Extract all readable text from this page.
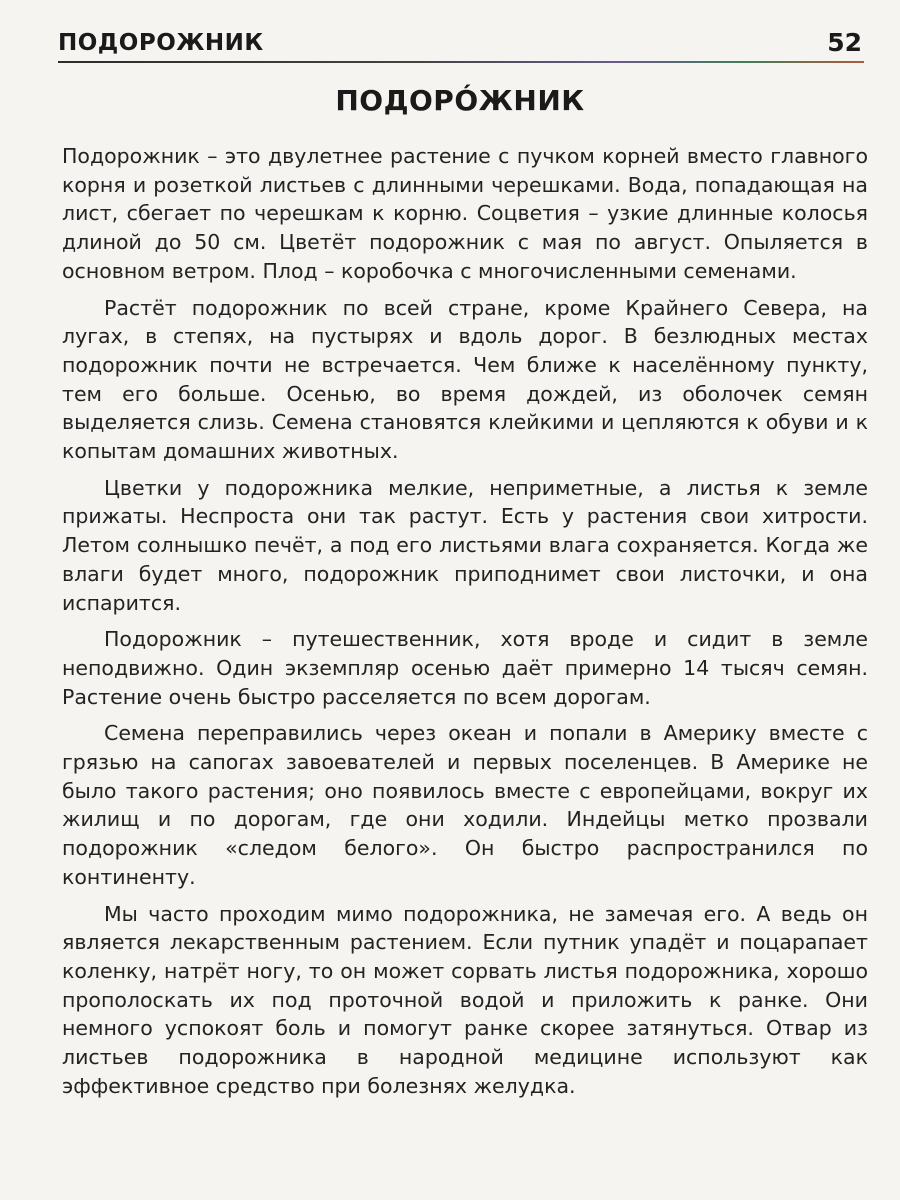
ПОДОРОЖНИК	52
ПОДОРÓЖНИК

Подорожник – это двулетнее растение с пучком корней вместо главного корня и розеткой листьев с длинными черешками. Вода, попадающая на лист, сбегает по черешкам к корню. Соцветия – узкие длинные колосья длиной до 50 см. Цветёт подорожник с мая по август. Опыляется в основном ветром. Плод – коробочка с многочисленными семенами.

Растёт подорожник по всей стране, кроме Крайнего Севера, на лугах, в степях, на пустырях и вдоль дорог. В безлюдных местах подорожник почти не встречается. Чем ближе к населённому пункту, тем его больше. Осенью, во время дождей, из оболочек семян выделяется слизь. Семена становятся клейкими и цепляются к обуви и к копытам домашних животных.

Цветки у подорожника мелкие, неприметные, а листья к земле прижаты. Неспроста они так растут. Есть у растения свои хитрости. Летом солнышко печёт, а под его листьями влага сохраняется. Когда же влаги будет много, подорожник приподнимет свои листочки, и она испарится.

Подорожник – путешественник, хотя вроде и сидит в земле неподвижно. Один экземпляр осенью даёт примерно 14 тысяч семян. Растение очень быстро расселяется по всем дорогам.

Семена переправились через океан и попали в Америку вместе с грязью на сапогах завоевателей и первых поселенцев. В Америке не было такого растения; оно появилось вместе с европейцами, вокруг их жилищ и по дорогам, где они ходили. Индейцы метко прозвали подорожник «следом белого». Он быстро распространился по континенту.

Мы часто проходим мимо подорожника, не замечая его. А ведь он является лекарственным растением. Если путник упадёт и поцарапает коленку, натрёт ногу, то он может сорвать листья подорожника, хорошо прополоскать их под проточной водой и приложить к ранке. Они немного успокоят боль и помогут ранке скорее затянуться. Отвар из листьев подорожника в народной медицине используют как эффективное средство при болезнях желудка.
